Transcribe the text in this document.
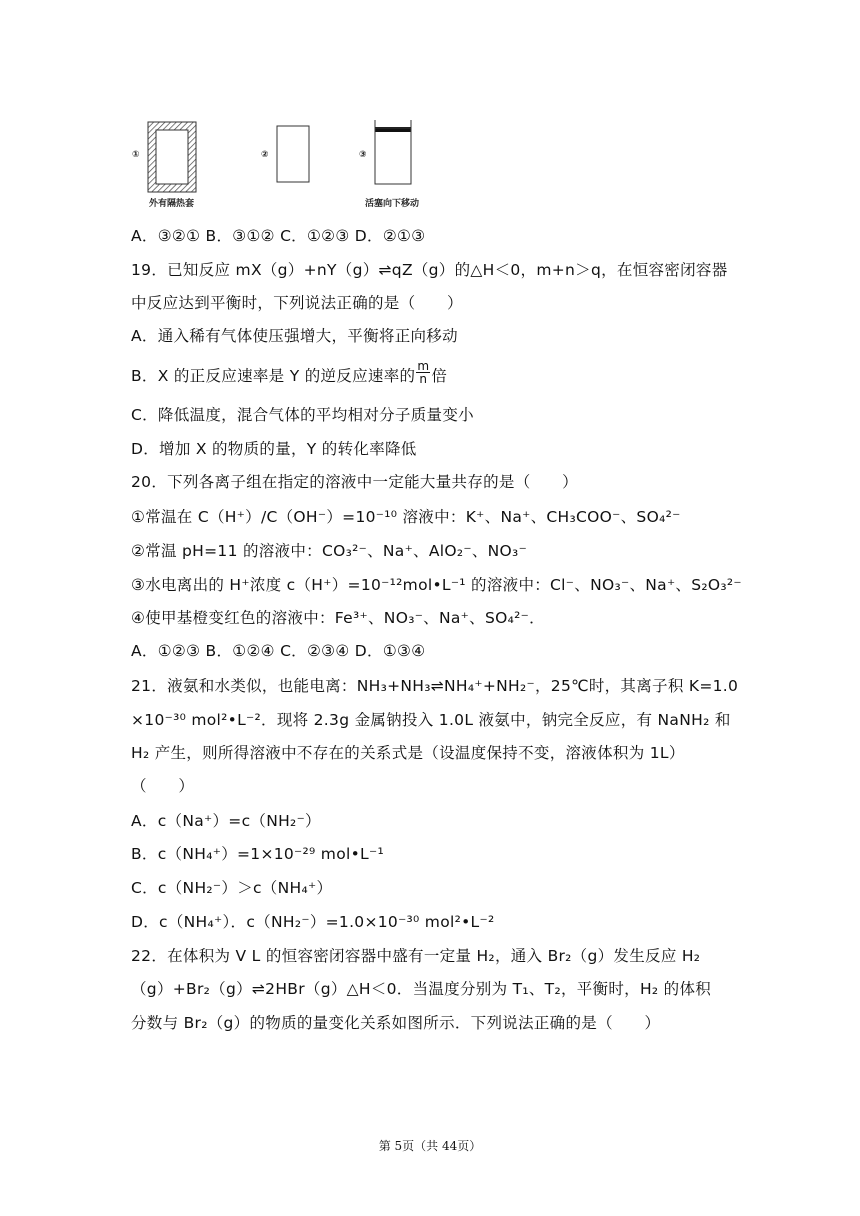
①	②	③
外有隔热套	活塞向下移动
A．③②① B．③①② C．①②③ D．②①③
19．已知反应 mX（g）+nY（g）⇌qZ（g）的△H＜0，m+n＞q，在恒容密闭容器
中反应达到平衡时，下列说法正确的是（　　）
A．通入稀有气体使压强增大，平衡将正向移动
B．X 的正反应速率是 Y 的逆反应速率的 $\frac{m}{n}$ 倍
C．降低温度，混合气体的平均相对分子质量变小
D．增加 X 的物质的量，Y 的转化率降低
20．下列各离子组在指定的溶液中一定能大量共存的是（　　）
①常温在 C（H⁺）/C（OH⁻）=10⁻¹⁰ 溶液中：K⁺、Na⁺、CH₃COO⁻、SO₄²⁻
②常温 pH=11 的溶液中：CO₃²⁻、Na⁺、AlO₂⁻、NO₃⁻
③水电离出的 H⁺浓度 c（H⁺）=10⁻¹²mol•L⁻¹ 的溶液中：Cl⁻、NO₃⁻、Na⁺、S₂O₃²⁻
④使甲基橙变红色的溶液中：Fe³⁺、NO₃⁻、Na⁺、SO₄²⁻．
A．①②③ B．①②④ C．②③④ D．①③④
21．液氨和水类似，也能电离：NH₃+NH₃⇌NH₄⁺+NH₂⁻，25℃时，其离子积 K=1.0
×10⁻³⁰ mol²•L⁻²．现将 2.3g 金属钠投入 1.0L 液氨中，钠完全反应，有 NaNH₂ 和
H₂ 产生，则所得溶液中不存在的关系式是（设温度保持不变，溶液体积为 1L）
（　　）
A．c（Na⁺）=c（NH₂⁻）
B．c（NH₄⁺）=1×10⁻²⁹ mol•L⁻¹
C．c（NH₂⁻）＞c（NH₄⁺）
D．c（NH₄⁺）．c（NH₂⁻）=1.0×10⁻³⁰ mol²•L⁻²
22．在体积为 V L 的恒容密闭容器中盛有一定量 H₂，通入 Br₂（g）发生反应 H₂
（g）+Br₂（g）⇌2HBr（g）△H＜0．当温度分别为 T₁、T₂，平衡时，H₂ 的体积
分数与 Br₂（g）的物质的量变化关系如图所示．下列说法正确的是（　　）
第 5页（共 44页）
